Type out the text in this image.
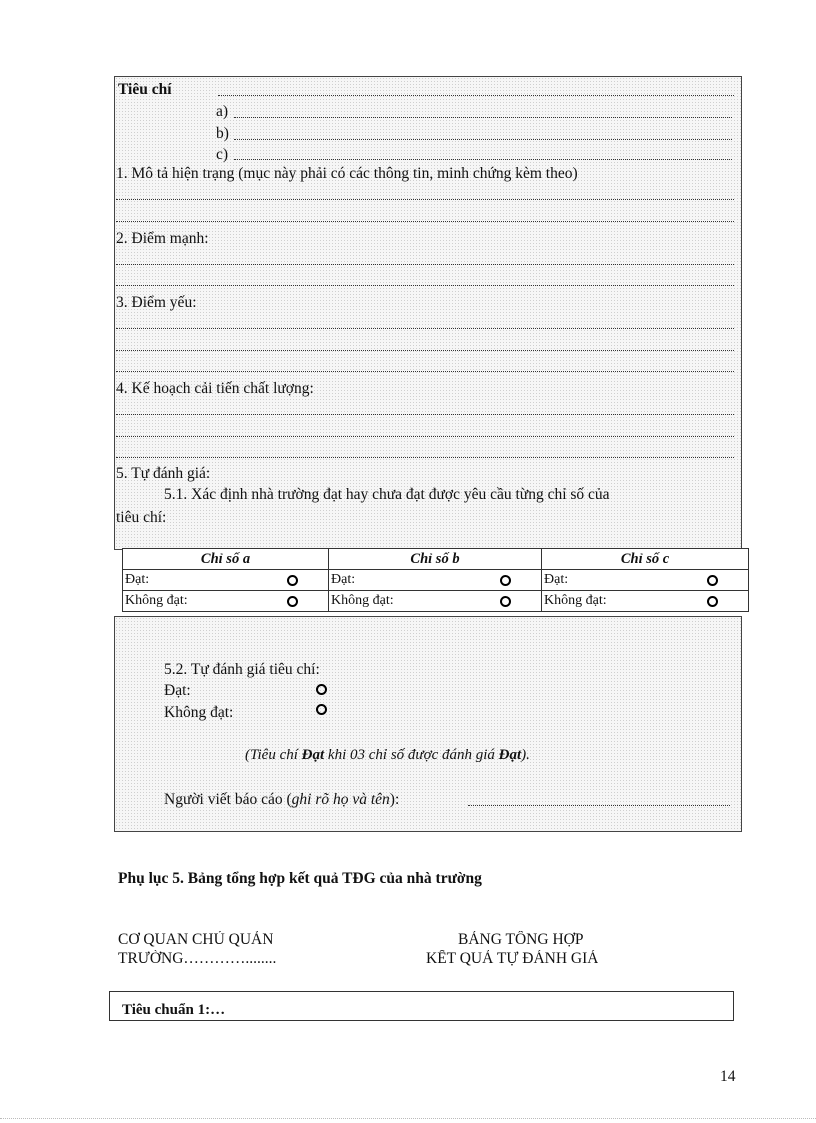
Tiêu chí
a)
b)
c)
1. Mô tả hiện trạng (mục này phải có các thông tin, minh chứng kèm theo)
2. Điểm mạnh:
3. Điểm yếu:
4. Kế hoạch cải tiến chất lượng:
5. Tự đánh giá:
5.1. Xác định nhà trường đạt hay chưa đạt được yêu cầu từng chỉ số của
tiêu chí:
Chỉ số a	Chỉ số b	Chỉ số c

Đạt:	Đạt:	Đạt:

Không đạt:	Không đạt:	Không đạt:
5.2. Tự đánh giá tiêu chí:
Đạt:
Không đạt:
(Tiêu chí Đạt khi 03 chỉ số được đánh giá Đạt).
Người viết báo cáo (ghi rõ họ và tên):
Phụ lục 5. Bảng tổng hợp kết quả TĐG của nhà trường
CƠ QUAN CHỦ QUẢN
TRƯỜNG…………........
BẢNG TỔNG HỢP
KẾT QUẢ TỰ ĐÁNH GIÁ
Tiêu chuẩn 1:…
14
